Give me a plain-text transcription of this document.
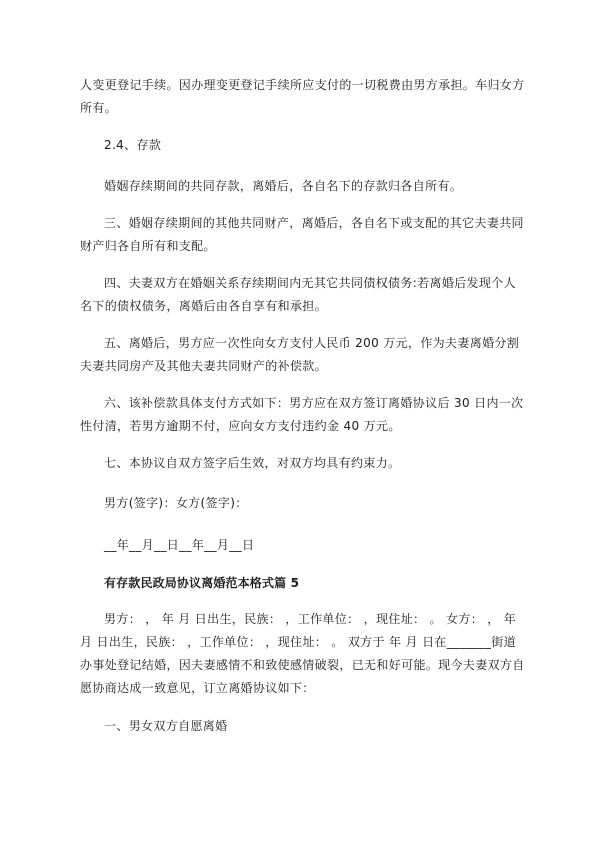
人变更登记手续。因办理变更登记手续所应支付的一切税费由男方承担。车归女方所有。
2.4、存款
婚姻存续期间的共同存款，离婚后，各自名下的存款归各自所有。
三、婚姻存续期间的其他共同财产，离婚后，各自名下或支配的其它夫妻共同财产归各自所有和支配。
四、夫妻双方在婚姻关系存续期间内无其它共同债权债务:若离婚后发现个人名下的债权债务，离婚后由各自享有和承担。
五、离婚后，男方应一次性向女方支付人民币 200 万元，作为夫妻离婚分割夫妻共同房产及其他夫妻共同财产的补偿款。
六、该补偿款具体支付方式如下：男方应在双方签订离婚协议后 30 日内一次性付清，若男方逾期不付，应向女方支付违约金 40 万元。
七、本协议自双方签字后生效，对双方均具有约束力。
男方(签字)：女方(签字)：
__年__月__日__年__月__日
有存款民政局协议离婚范本格式篇 5
男方： ， 年 月 日出生，民族： ，工作单位： ，现住址： 。 女方： ， 年 月 日出生，民族： ，工作单位： ，现住址： 。 双方于 年 月 日在_______街道办事处登记结婚，因夫妻感情不和致使感情破裂，已无和好可能。现今夫妻双方自愿协商达成一致意见，订立离婚协议如下：
一、男女双方自愿离婚
